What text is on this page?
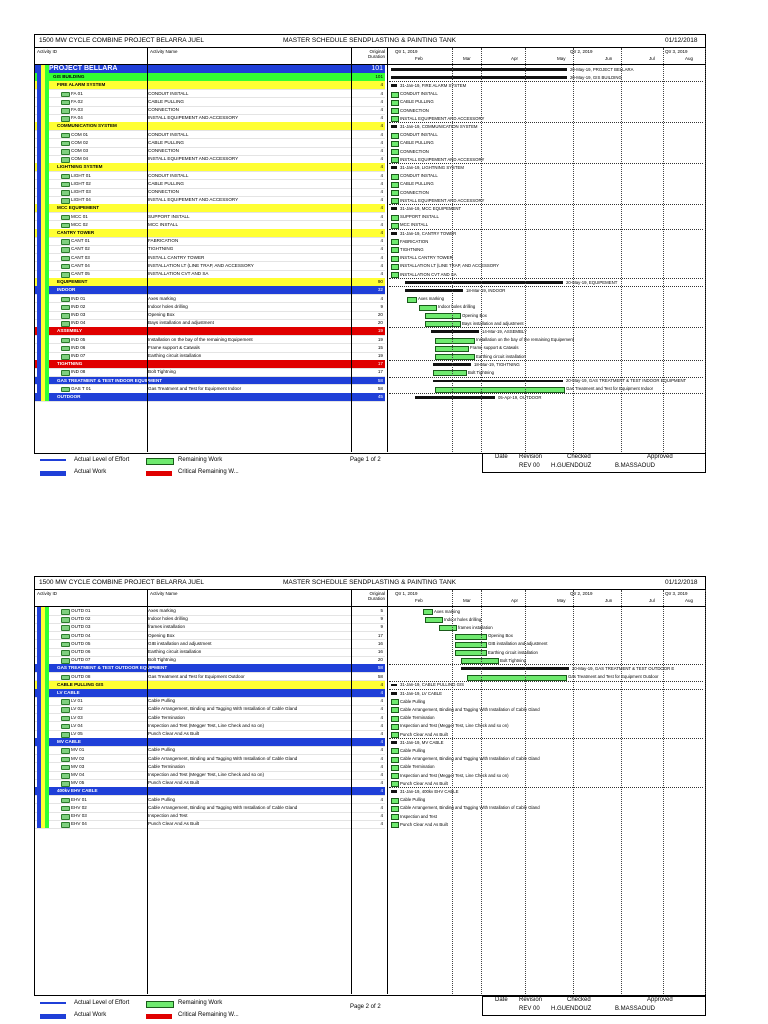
1500 MW CYCLE COMBINE PROJECT BELARRA JUEL	MASTER SCHEDULE SENDPLASTING & PAINTING TANK	01/12/2018
Activity ID	Activity Name	Original Duration
Qtr 1, 2019	Qtr 2, 2019	Qtr 3, 2019
Feb	Mar	Apr	May	Jun	Jul	Aug
PROJECT BELLARA	101	20-May-19, PROJECT BELLARA
GIS BUILDING	101	20-May-19, GIS BUILDING
FIRE ALARM SYSTEM	4	31-Jan-19, FIRE ALARM SYSTEM
FA 01	CONDUIT INSTALL	4	CONDUIT INSTALL
FA 02	CABLE PULLING	4	CABLE PULLING
FA 03	CONNECTION	4	CONNECTION
FA 04	INSTALL EQUIPEMENT AND ACCESSORY	4	INSTALL EQUIPEMENT AND ACCESSORY
COMMUNICATION SYSTEM	4	31-Jan-19, COMMUNICATION SYSTEM
COM 01	CONDUIT INSTALL	4	CONDUIT INSTALL
COM 02	CABLE PULLING	4	CABLE PULLING
COM 03	CONNECTION	4	CONNECTION
COM 04	INSTALL EQUIPEMENT AND ACCESSORY	4	INSTALL EQUIPEMENT AND ACCESSORY
LIGHTNING SYSTEM	4	31-Jan-19, LIGHTNING SYSTEM
LIGHT 01	CONDUIT INSTALL	4	CONDUIT INSTALL
LIGHT 02	CABLE PULLING	4	CABLE PULLING
LIGHT 03	CONNECTION	4	CONNECTION
LIGHT 04	INSTALL EQUIPEMENT AND ACCESSORY	4	INSTALL EQUIPEMENT AND ACCESSORY
MCC EQUIPEMENT	4	31-Jan-19, MCC EQUIPEMENT
MCC 01	SUPPORT INSTALL	4	SUPPORT INSTALL
MCC 02	MCC INSTALL	4	MCC INSTALL
CANTRY TOWER	4	31-Jan-19, CANTRY TOWER
CANT 01	FABRICATION	4	FABRICATION
CANT 02	TIGHTNING	4	TIGHTNING
CANT 03	INSTALL CANTRY TOWER	4	INSTALL CANTRY TOWER
CANT 04	INSTALLATION LT (LINE TRAP, AND ACCESSORY	4	INSTALLATION LT (LINE TRAP, AND ACCESSORY
CANT 05	INSTALLATION CVT AND SA	4	INSTALLATION CVT AND SA
EQUIPEMENT	90	20-May-19, EQUIPEMENT
INDOOR	32	18-Mar-19, INDOOR
IND 01	Axes marking	4	Axes marking
IND 02	Indoor holes drilling	9	Indoor holes drilling
IND 03	Opening Box	20	Opening Box
IND 04	Bays installation and adjustment	20	Bays installation and adjustment
ASSEMBLY	19	14-Mar-19, ASSEMBLY
IND 05	Installation on the bay of the remaining Equipement	19	Installation on the bay of the remaining Equipement
IND 06	Frame support & Catwals	15	Frame support & Catwals
IND 07	Earthing circuit installation	19	Earthing circuit installation
TIGHTNING	17	18-Mar-19, TIGHTNING
IND 08	Bolt Tightning	17	Bolt Tightning
GAS TREATMENT & TEST INDOOR EQUIPMENT	58	20-May-19, GAS TREATMENT & TEST INDOOR EQUIPMENT
GAS T 01	Gas Treatment and Test for Equipment Indoor	58	Gas Treatment and Test for Equipment Indoor
OUTDOOR	45	05-Apr-19, OUTDOOR
Actual Level of Effort
Actual Work
Remaining Work
Critical Remaining W...
Page 1 of 2	Date Revision	Checked	Approved
REV 00 H.GUENDOUZ	B.MASSAOUD
1500 MW CYCLE COMBINE PROJECT BELARRA JUEL	MASTER SCHEDULE SENDPLASTING & PAINTING TANK	01/12/2018
Activity ID	Activity Name	Original Duration
Qtr 1, 2019	Qtr 2, 2019	Qtr 3, 2019
Feb	Mar	Apr	May	Jun	Jul	Aug
OUTD 01	Axes marking	5	Axes marking
OUTD 02	Indoor holes drilling	9	Indoor holes drilling
OUTD 03	frames installation	9	frames installation
OUTD 04	Opening Box	17	Opening Box
OUTD 05	GIB installation and adjustment	16	GIB installation and adjustment
OUTD 06	Earthing circuit installation	16	Earthing circuit installation
OUTD 07	Bolt Tightning	20	Bolt Tightning
GAS TREATMENT & TEST OUTDOOR EQUIPMENT	58	20-May-19, GAS TREATMENT & TEST OUTDOOR E
OUTD 08	Gas Treatment and Test for Equipment Outdoor	58	Gas Treatment and Test for Equipment Outdoor
CABLE PULLING GIS	4	31-Jan-19, CABLE PULLING GIS
LV CABLE	4	31-Jan-19, LV CABLE
LV 01	Cable Pulling	4	Cable Pulling
LV 02	Cable Arrangement, Binding and Tagging With Installation of Cable Gland	4	Cable Arrangement, Binding and Tagging With Installation of Cable Gland
LV 03	Cable Termination	4	Cable Termination
LV 04	Inspection and Test (Megger Test, Line Check and so on)	4	Inspection and Test (Megger Test, Line Check and so on)
LV 05	Punch Clear And As Built	4	Punch Clear And As Built
MV CABLE	4	31-Jan-19, MV CABLE
MV 01	Cable Pulling	4	Cable Pulling
MV 02	Cable Arrangement, Binding and Tagging With Installation of Cable Gland	4	Cable Arrangement, Binding and Tagging With Installation of Cable Gland
MV 03	Cable Termination	4	Cable Termination
MV 04	Inspection and Test (Megger Test, Line Check and so on)	4	Inspection and Test (Megger Test, Line Check and so on)
MV 05	Punch Clear And As Built	4	Punch Clear And As Built
400kv EHV CABLE	4	31-Jan-19, 400kv EHV CABLE
EHV 01	Cable Pulling	4	Cable Pulling
EHV 02	Cable Arrangement, Binding and Tagging With Installation of Cable Gland	4	Cable Arrangement, Binding and Tagging With Installation of Cable Gland
EHV 03	Inspection and Test	4	Inspection and Test
EHV 04	Punch Clear And As Built	4	Punch Clear And As Built
Actual Level of Effort
Actual Work
Remaining Work
Critical Remaining W...
Page 2 of 2
Date Revision	Checked	Approved
REV 00 H.GUENDOUZ	B.MASSAOUD
